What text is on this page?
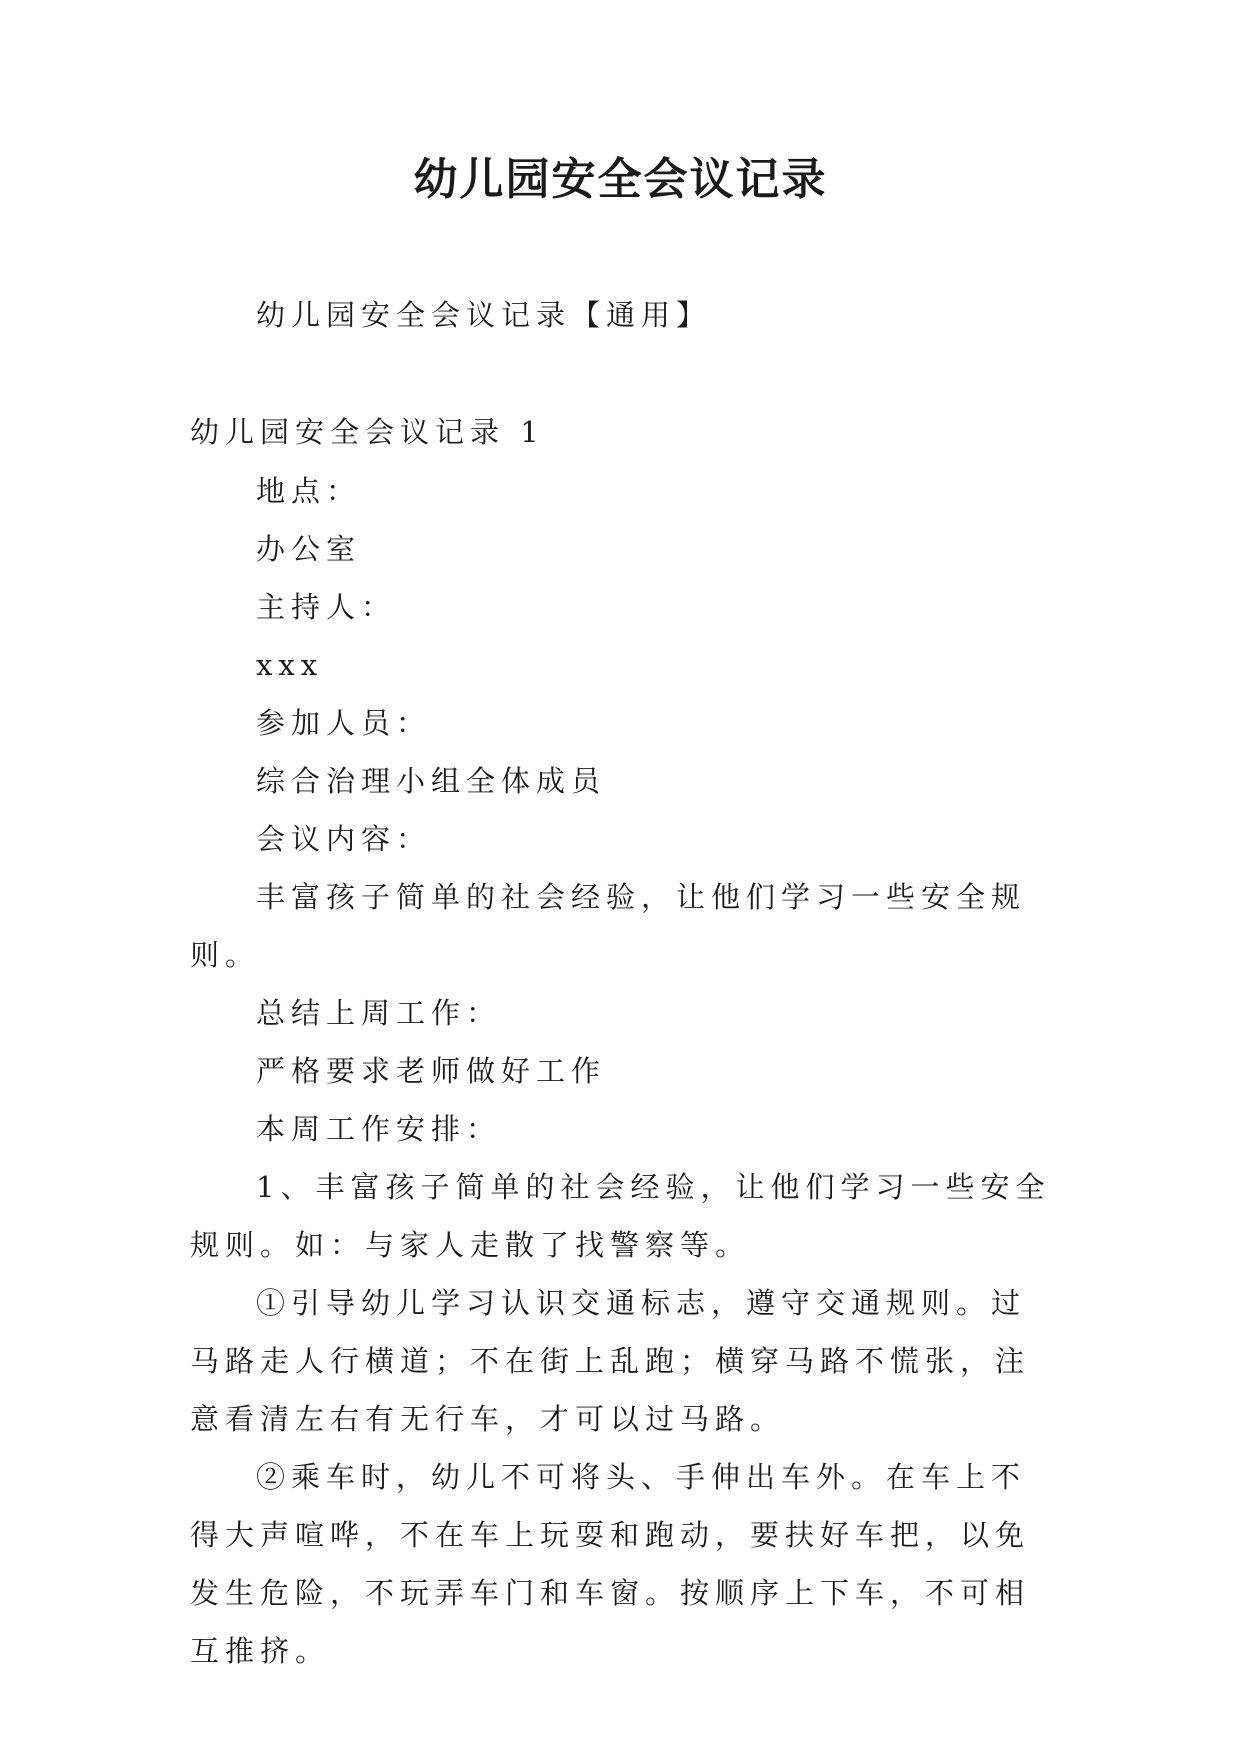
幼儿园安全会议记录
幼儿园安全会议记录【通用】
幼儿园安全会议记录 1

地点：

办公室

主持人：

xxx

参加人员：

综合治理小组全体成员

会议内容：

丰富孩子简单的社会经验，让他们学习一些安全规则。

总结上周工作：

严格要求老师做好工作

本周工作安排：

1、丰富孩子简单的社会经验，让他们学习一些安全规则。如：与家人走散了找警察等。

①引导幼儿学习认识交通标志，遵守交通规则。过马路走人行横道；不在街上乱跑；横穿马路不慌张，注意看清左右有无行车，才可以过马路。

②乘车时，幼儿不可将头、手伸出车外。在车上不得大声喧哗，不在车上玩耍和跑动，要扶好车把，以免发生危险，不玩弄车门和车窗。按顺序上下车，不可相互推挤。
